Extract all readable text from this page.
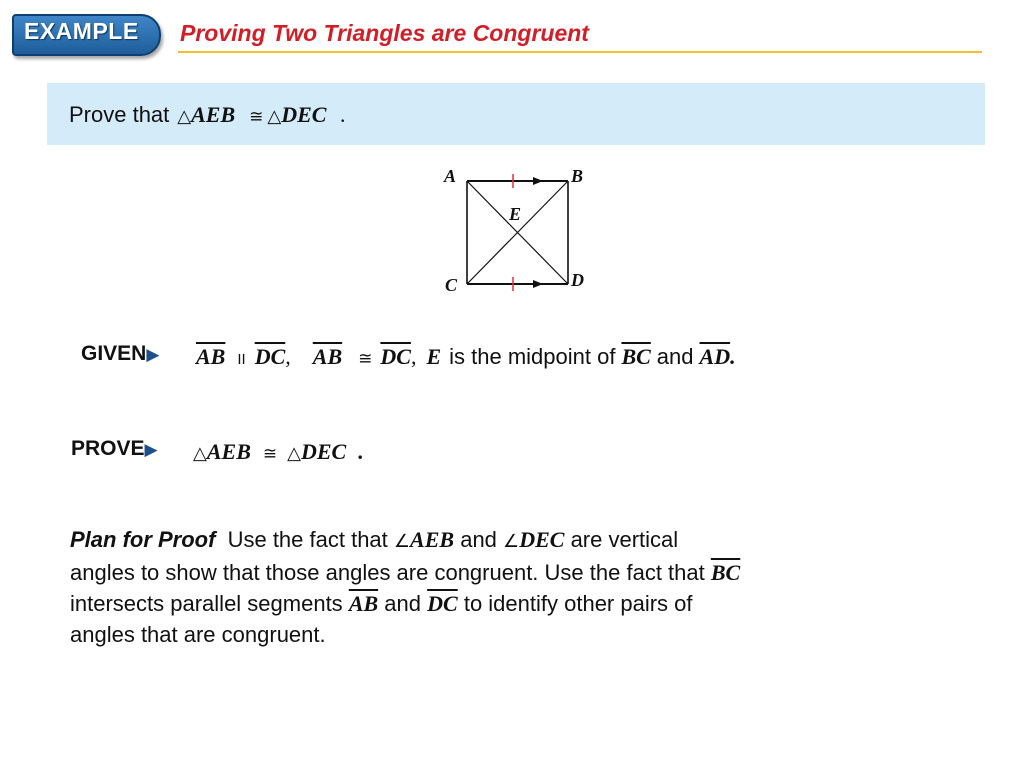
EXAMPLE Proving Two Triangles are Congruent
Prove that △ AEB ≅ △ DEC .
A	B
E
C	D
GIVEN ▶ $\overline{AB}$ II $\overline{DC}$ , $\overline{AB}$ ≅ $\overline{DC}$ , E is the midpoint of $\overline{BC}$ and $\overline{AD}$ .
PROVE ▶ △ AEB ≅ △ DEC .
Plan for Proof Use the fact that ∠AEB and ∠DEC are vertical
angles to show that those angles are congruent. Use the fact that $\overline{BC}$
intersects parallel segments $\overline{AB}$ and $\overline{DC}$ to identify other pairs of
angles that are congruent.
